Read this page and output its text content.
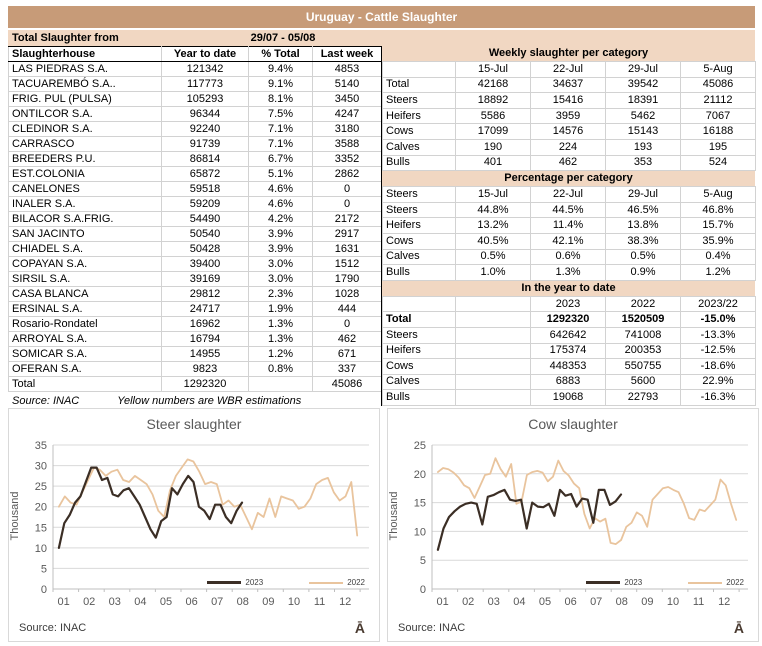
Uruguay - Cattle Slaughter
Total Slaughter from	29/07 - 05/08
Slaughterhouse	Year to date	% Total	Last week
LAS PIEDRAS S.A.	121342	9.4%	4853
TACUAREMBÓ S.A..	117773	9.1%	5140
FRIG. PUL (PULSA)	105293	8.1%	3450
ONTILCOR S.A.	96344	7.5%	4247
CLEDINOR S.A.	92240	7.1%	3180
CARRASCO	91739	7.1%	3588
BREEDERS P.U.	86814	6.7%	3352
EST.COLONIA	65872	5.1%	2862
CANELONES	59518	4.6%	0
INALER S.A.	59209	4.6%	0
BILACOR S.A.FRIG.	54490	4.2%	2172
SAN JACINTO	50540	3.9%	2917
CHIADEL S.A.	50428	3.9%	1631
COPAYAN S.A.	39400	3.0%	1512
SIRSIL S.A.	39169	3.0%	1790
CASA BLANCA	29812	2.3%	1028
ERSINAL S.A.	24717	1.9%	444
Rosario-Rondatel	16962	1.3%	0
ARROYAL S.A.	16794	1.3%	462
SOMICAR S.A.	14955	1.2%	671
OFERAN S.A.	9823	0.8%	337
Total	1292320		45086
Source: INAC	Yellow numbers are WBR estimations
Weekly slaughter per category
	15-Jul	22-Jul	29-Jul	5-Aug
Total	42168	34637	39542	45086
Steers	18892	15416	18391	21112
Heifers	5586	3959	5462	7067
Cows	17099	14576	15143	16188
Calves	190	224	193	195
Bulls	401	462	353	524
Percentage per category
Steers	15-Jul	22-Jul	29-Jul	5-Aug
Steers	44.8%	44.5%	46.5%	46.8%
Heifers	13.2%	11.4%	13.8%	15.7%
Cows	40.5%	42.1%	38.3%	35.9%
Calves	0.5%	0.6%	0.5%	0.4%
Bulls	1.0%	1.3%	0.9%	1.2%
In the year to date
		2023	2022	2023/22
Total		1292320	1520509	-15.0%
Steers		642642	741008	-13.3%
Heifers		175374	200353	-12.5%
Cows		448353	550755	-18.6%
Calves		6883	5600	22.9%
Bulls		19068	22793	-16.3%
Steer slaughter
0
5
10
15
20
25
30
35
01 02 03 04 05 06 07 08 09 10 11 12
Thousand
2023	2022
Source: INAC	Ā
Cow slaughter
0
5
10
15
20
25
01 02 03 04 05 06 07 08 09 10 11 12
Thousand
2023	2022
Source: INAC	Ā
